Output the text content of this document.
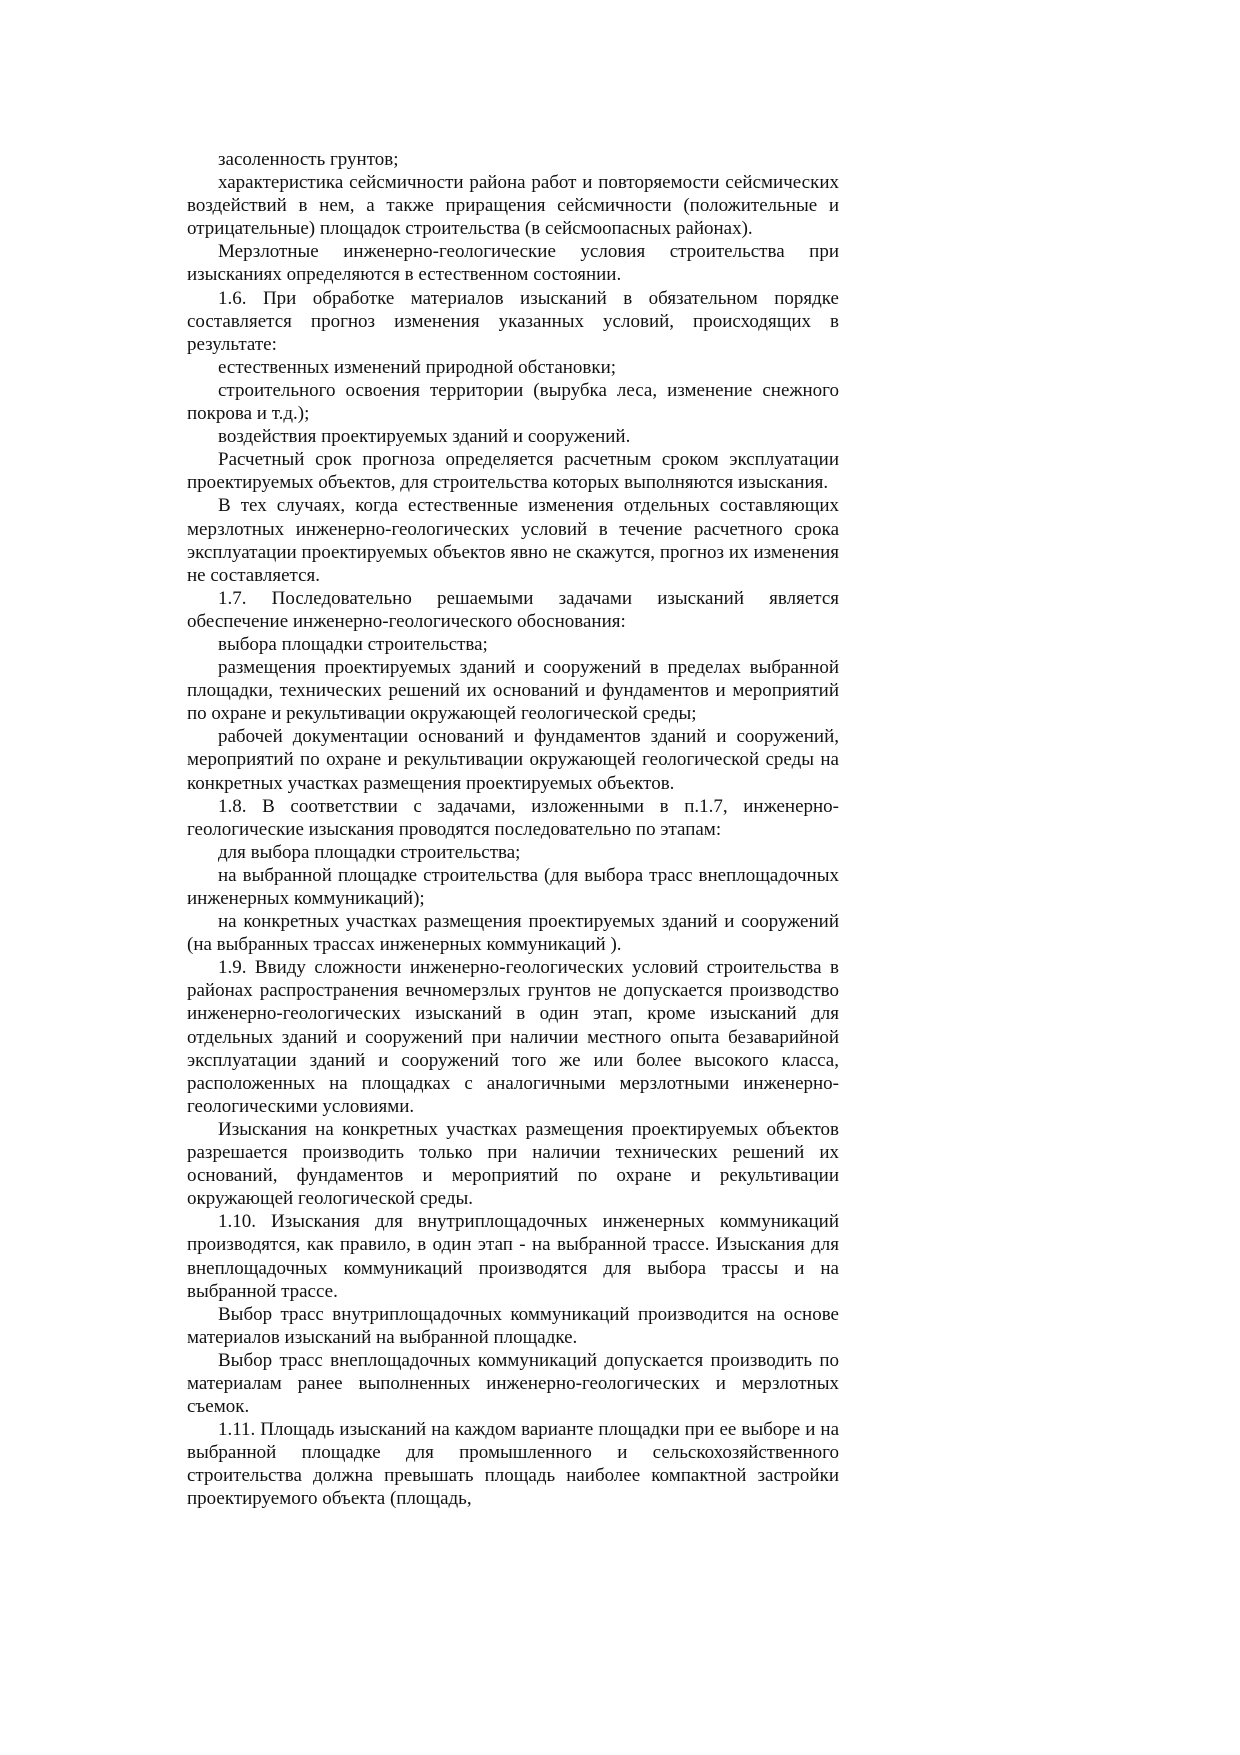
засоленность грунтов;

характеристика сейсмичности района работ и повторяемости сейсмических воздействий в нем, а также приращения сейсмичности (положительные и отрицательные) площадок строительства (в сейсмоопасных районах).

Мерзлотные инженерно-геологические условия строительства при изысканиях определяются в естественном состоянии.

1.6. При обработке материалов изысканий в обязательном порядке составляется прогноз изменения указанных условий, происходящих в результате:

естественных изменений природной обстановки;

строительного освоения территории (вырубка леса, изменение снежного покрова и т.д.);

воздействия проектируемых зданий и сооружений.

Расчетный срок прогноза определяется расчетным сроком эксплуатации проектируемых объектов, для строительства которых выполняются изыскания.

В тех случаях, когда естественные изменения отдельных составляющих мерзлотных инженерно-геологических условий в течение расчетного срока эксплуатации проектируемых объектов явно не скажутся, прогноз их изменения не составляется.

1.7. Последовательно решаемыми задачами изысканий является обеспечение инженерно-геологического обоснования:

выбора площадки строительства;

размещения проектируемых зданий и сооружений в пределах выбранной площадки, технических решений их оснований и фундаментов и мероприятий по охране и рекультивации окружающей геологической среды;

рабочей документации оснований и фундаментов зданий и сооружений, мероприятий по охране и рекультивации окружающей геологической среды на конкретных участках размещения проектируемых объектов.

1.8. В соответствии с задачами, изложенными в п.1.7, инженерно-геологические изыскания проводятся последовательно по этапам:

для выбора площадки строительства;

на выбранной площадке строительства (для выбора трасс внеплощадочных инженерных коммуникаций);

на конкретных участках размещения проектируемых зданий и сооружений (на выбранных трассах инженерных коммуникаций ).

1.9. Ввиду сложности инженерно-геологических условий строительства в районах распространения вечномерзлых грунтов не допускается производство инженерно-геологических изысканий в один этап, кроме изысканий для отдельных зданий и сооружений при наличии местного опыта безаварийной эксплуатации зданий и сооружений того же или более высокого класса, расположенных на площадках с аналогичными мерзлотными инженерно-геологическими условиями.

Изыскания на конкретных участках размещения проектируемых объектов разрешается производить только при наличии технических решений их оснований, фундаментов и мероприятий по охране и рекультивации окружающей геологической среды.

1.10. Изыскания для внутриплощадочных инженерных коммуникаций производятся, как правило, в один этап - на выбранной трассе. Изыскания для внеплощадочных коммуникаций производятся для выбора трассы и на выбранной трассе.

Выбор трасс внутриплощадочных коммуникаций производится на основе материалов изысканий на выбранной площадке.

Выбор трасс внеплощадочных коммуникаций допускается производить по материалам ранее выполненных инженерно-геологических и мерзлотных съемок.

1.11. Площадь изысканий на каждом варианте площадки при ее выборе и на выбранной площадке для промышленного и сельскохозяйственного строительства должна превышать площадь наиболее компактной застройки проектируемого объекта (площадь,
